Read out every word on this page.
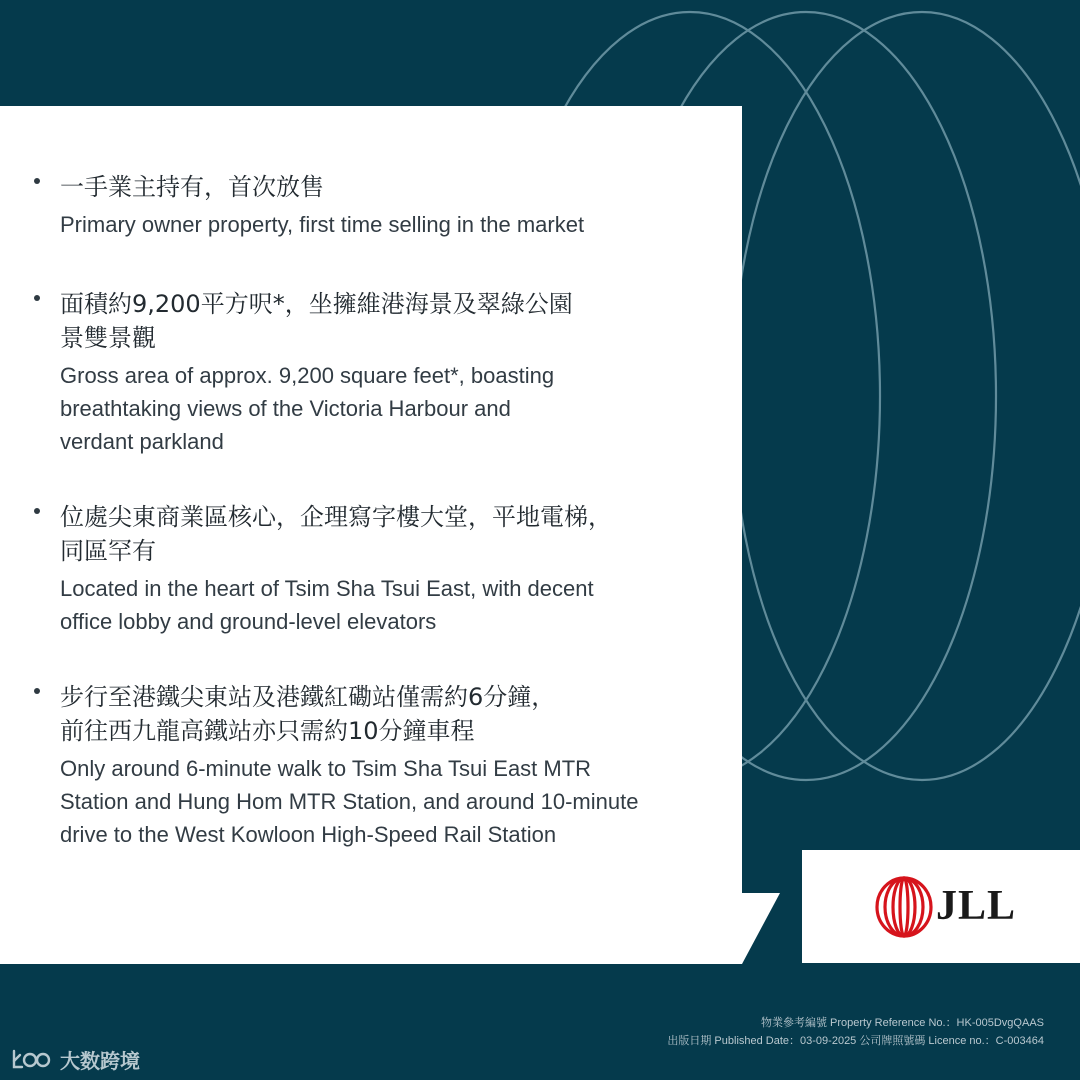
一手業主持有，首次放售

Primary owner property, first time selling in the market

面積約9,200平方呎*，坐擁維港海景及翠綠公園
景雙景觀

Gross area of approx. 9,200 square feet*, boasting
breathtaking views of the Victoria Harbour and
verdant parkland

位處尖東商業區核心，企理寫字樓大堂，平地電梯，
同區罕有

Located in the heart of Tsim Sha Tsui East, with decent
office lobby and ground-level elevators

步行至港鐵尖東站及港鐵紅磡站僅需約6分鐘，
前往西九龍高鐵站亦只需約10分鐘車程

Only around 6-minute walk to Tsim Sha Tsui East MTR
Station and Hung Hom MTR Station, and around 10-minute
drive to the West Kowloon High-Speed Rail Station

JLL
物業參考編號 Property Reference No.：HK-005DvgQAAS
出版日期 Published Date：03-09-2025 公司牌照號碼 Licence no.：C-003464
大数跨境
